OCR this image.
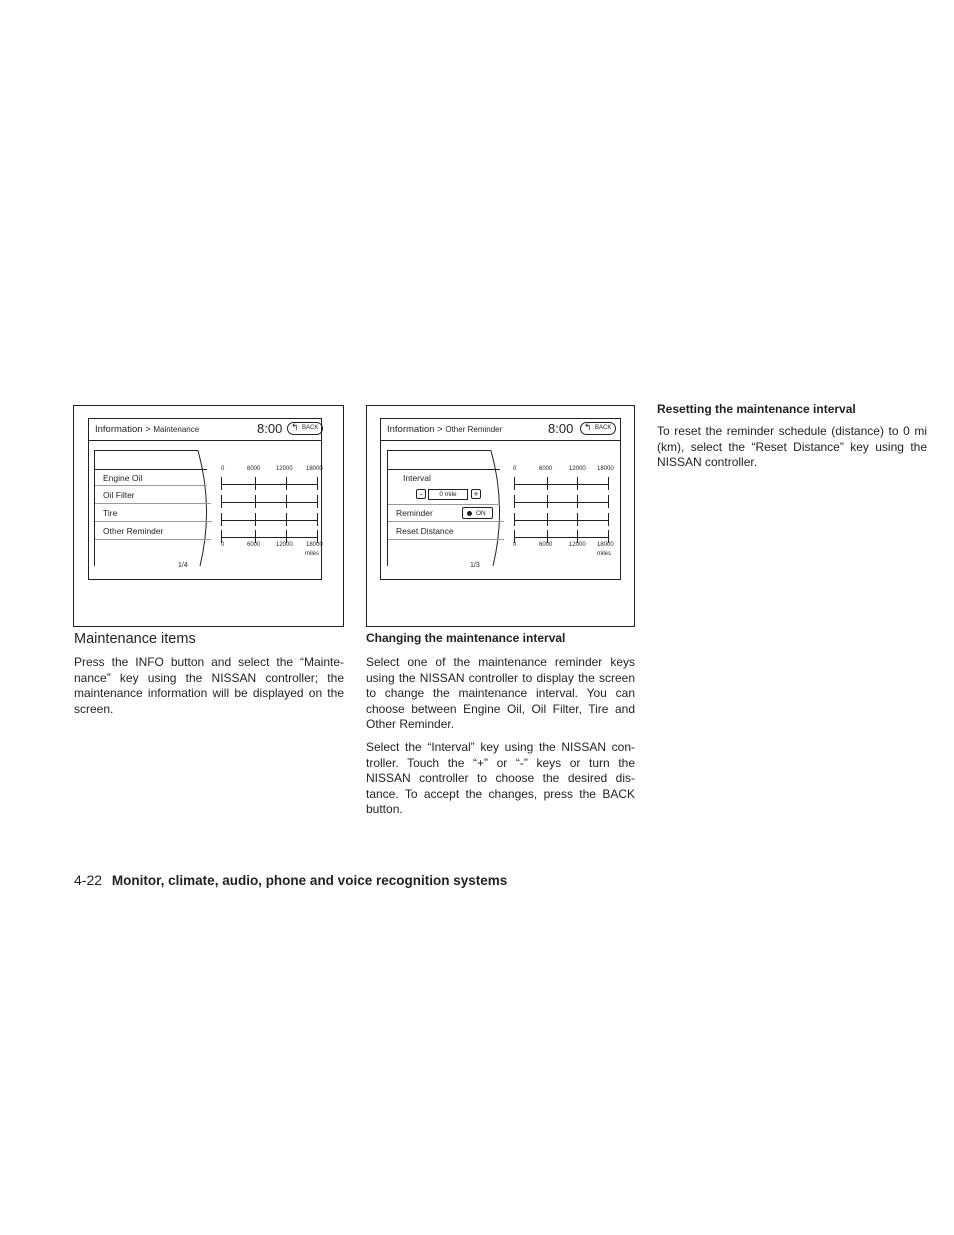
Information > Maintenance	8:00 ↰ BACK
Engine Oil
Oil Filter
Tire
Other Reminder
1/4
0	6000	12000 18000
0	6000	12000 18000
miles
Information > Other Reminder	8:00 ↰ BACK
Interval
-	0 mile	+
Reminder	ON
Reset Distance
1/3
0	6000	12000 18000
0	6000	12000 18000
miles
Maintenance items
Press the INFO button and select the “Mainte-nance” key using the NISSAN controller; the maintenance information will be displayed on the screen.
Changing the maintenance interval
Select one of the maintenance reminder keys using the NISSAN controller to display the screen to change the maintenance interval. You can choose between Engine Oil, Oil Filter, Tire and Other Reminder.
Select the “Interval” key using the NISSAN con-troller. Touch the “+” or “-” keys or turn the NISSAN controller to choose the desired dis-tance. To accept the changes, press the BACK button.
Resetting the maintenance interval
To reset the reminder schedule (distance) to 0 mi (km), select the “Reset Distance” key using the NISSAN controller.
4-22 Monitor, climate, audio, phone and voice recognition systems
